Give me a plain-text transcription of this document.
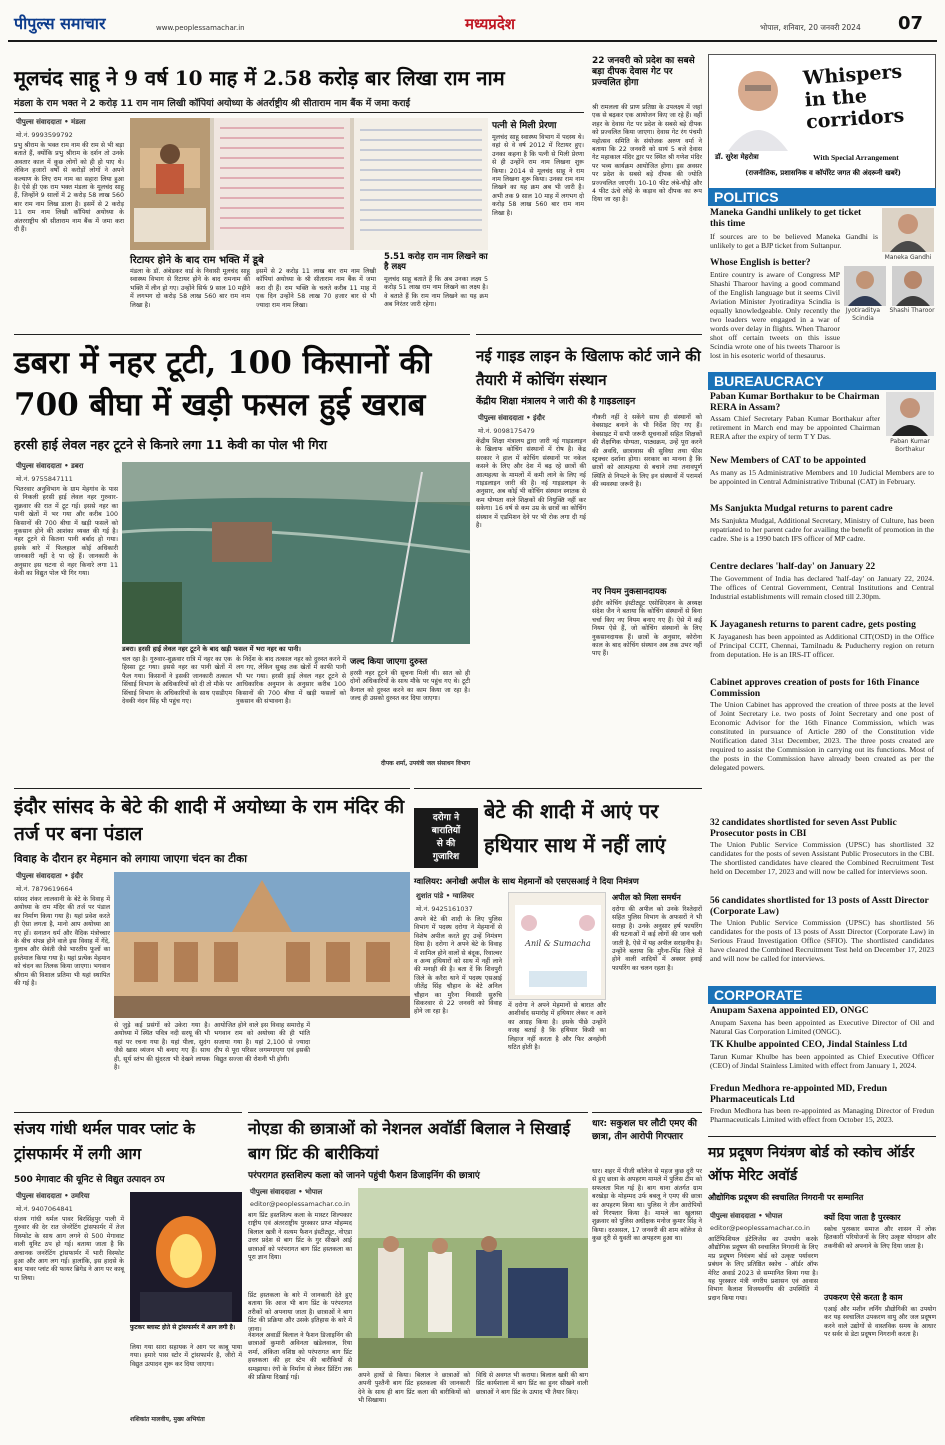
पीपुल्स समाचार	www.peoplessamachar.in	मध्यप्रदेश	भोपाल, शनिवार, 20 जनवरी 2024	07
मूलचंद साहू ने 9 वर्ष 10 माह में 2.58 करोड़ बार लिखा राम नाम
मंडला के राम भक्त ने 2 करोड़ 11 राम नाम लिखी कॉपियां अयोध्या के अंतर्राष्ट्रीय श्री सीताराम नाम बैंक में जमा कराईं
पीपुल्स संवाददाता • मंडला
मो.नं. 9993599792
प्रभु श्रीराम के भक्त राम नाम की राम से भी बड़ा बताते हैं, क्योंकि प्रभु श्रीराम के दर्शन तो उनके अवतार काल में कुछ लोगों को ही हो पाए थे। लेकिन हजारों वर्षों से करोड़ों लोगों ने अपने कल्याण के लिए राम नाम का सहारा लिया हुआ है। ऐसे ही एक राम भक्त मंडला के मूलचंद साहू हैं, जिन्होंने 9 सालों में 2 करोड़ 58 लाख 560 बार राम नाम लिख डाला है। इसमें से 2 करोड़ 11 राम नाम लिखी कॉपियां अयोध्या के अंतरराष्ट्रीय श्री सीताराम नाम बैंक में जमा करा दी हैं।
रिटायर होने के बाद राम भक्ति में डूबे
मंडला के डॉ. अंबेडकर वार्ड के निवासी मूलचंद साहू स्वास्थ्य विभाग से रिटायर होने के बाद रामनाम की भक्ति में लीन हो गए। उन्होंने सिर्फ 9 साल 10 महीने में लगभग दो करोड़ 58 लाख 560 बार राम नाम लिखा है।
इसमें से 2 करोड़ 11 लाख बार राम नाम लिखी कॉपियां अयोध्या के श्री सीताराम नाम बैंक में जमा करा दी हैं। राम भक्ति के चलते करीब 11 माह में एक दिन उन्होंने 58 लाख 70 हजार बार से भी ज्यादा राम नाम लिखा।
5.51 करोड़ राम नाम लिखने का है लक्ष्य
मूलचंद साहू बताते हैं कि अब उनका लक्ष्य 5 करोड़ 51 लाख राम नाम लिखने का लक्ष्य है। वे बताते हैं कि राम नाम लिखने का यह क्रम अब निरंतर जारी रहेगा।
पत्नी से मिली प्रेरणा
मूलचंद साहू स्वास्थ्य विभाग में पदस्थ थे। वहां से वे वर्ष 2012 में रिटायर हुए। उनका कहना है कि पत्नी से मिली प्रेरणा से ही उन्होंने राम नाम लिखना शुरू किया। 2014 से मूलचंद साहू ने राम नाम लिखना शुरू किया। उनका राम नाम लिखने का यह क्रम अब भी जारी है। अभी तक 9 साल 10 माह में लगभग दो करोड़ 58 लाख 560 बार राम नाम लिखा है।
22 जनवरी को प्रदेश का सबसे बड़ा दीपक देवास गेट पर प्रज्वलित होगा
श्री रामलला की प्राण प्रतिष्ठा के उपलक्ष्य में जहां एक से बढ़कर एक आयोजन किए जा रहे हैं। वहीं शहर के देवास गेट पर प्रदेश के सबसे बड़े दीपक को प्रज्वलित किया जाएगा। देवास गेट रंग पंचमी महोत्सव समिति के संयोजक अरुण वर्मा ने बताया कि 22 जनवरी को सायं 5 बजे देवास गेट महाकाल मंदिर द्वार पर स्थित श्री गणेश मंदिर पर भव्य कार्यक्रम आयोजित होगा। इस अवसर पर प्रदेश के सबसे बड़े दीपक की ज्योति प्रज्ज्वलित जाएगी। 10-10 फीट लंबे-चौड़े और 4 फीट ऊंचे लोहे के कड़ाव को दीपक का रूप दिया जा रहा है।
Whispers in the corridors
डॉ. सुरेश मेहरोत्रा	With Special Arrangement
(राजनीतिक, प्रशासनिक व कॉर्पोरेट जगत की अंदरूनी खबरें)
POLITICS
Maneka Gandhi unlikely to get ticket this time
If sources are to be believed Maneka Gandhi is unlikely to get a BJP ticket from Sultanpur.
Maneka Gandhi
Whose English is better?
Jyotiraditya Scindia
Shashi Tharoor
Entire country is aware of Congress MP Shashi Tharoor having a good command of the English language but it seems Civil Aviation Minister Jyotiraditya Scindia is equally knowledgeable. Only recently the two leaders were engaged in a war of words over delay in flights. When Tharoor shot off certain tweets on this issue Scindia wrote one of his tweets Tharoor is lost in his esoteric world of thesaurus.
BUREAUCRACY
Paban Kumar Borthakur to be Chairman RERA in Assam?
Assam Chief Secretary Paban Kumar Borthakur after retirement in March end may be appointed Chairman RERA after the expiry of term T Y Das.
Paban Kumar Borthakur
New Members of CAT to be appointed
As many as 15 Administrative Members and 10 Judicial Members are to be appointed in Central Administrative Tribunal (CAT) in February.
Ms Sanjukta Mudgal returns to parent cadre
Ms Sanjukta Mudgal, Additional Secretary, Ministry of Culture, has been repatriated to her parent cadre for availing the benefit of promotion in the cadre. She is a 1990 batch IFS officer of MP cadre.
Centre declares 'half-day' on January 22
The Government of India has declared 'half-day' on January 22, 2024. The offices of Central Government, Central Institutions and Central Industrial establishments will remain closed till 2.30pm.
K Jayaganesh returns to parent cadre, gets posting
K Jayaganesh has been appointed as Additional CIT(OSD) in the Office of Principal CCIT, Chennai, Tamilnadu & Puducherry region on return from deputation. He is an IRS-IT officer.
Cabinet approves creation of posts for 16th Finance Commission
The Union Cabinet has approved the creation of three posts at the level of Joint Secretary i.e. two posts of Joint Secretary and one post of Economic Advisor for the 16th Finance Commission, which was constituted in pursuance of Article 280 of the Constitution vide Notification dated 31st December, 2023. The three posts created are required to assist the Commission in carrying out its functions. Most of the posts in the Commission have already been created as per the delegated powers.
32 candidates shortlisted for seven Asst Public Prosecutor posts in CBI
The Union Public Service Commission (UPSC) has shortlisted 32 candidates for the posts of seven Assistant Public Prosecutors in the CBI. The shortlisted candidates have cleared the Combined Recruitment Test held on December 17, 2023 and will now be called for interviews soon.
56 candidates shortlisted for 13 posts of Asstt Director (Corporate Law)
The Union Public Service Commission (UPSC) has shortlisted 56 candidates for the posts of 13 posts of Asstt Director (Corporate Law) in Serious Fraud Investigation Office (SFIO). The shortlisted candidates have cleared the Combined Recruitment Test held on December 17, 2023 and will now be called for interviews.
CORPORATE
Anupam Saxena appointed ED, ONGC
Anupam Saxena has been appointed as Executive Director of Oil and Natural Gas Corporation Limited (ONGC).
TK Khulbe appointed CEO, Jindal Stainless Ltd
Tarun Kumar Khulbe has been appointed as Chief Executive Officer (CEO) of Jindal Stainless Limited with effect from January 1, 2024.
Fredun Medhora re-appointed MD, Fredun Pharmaceuticals Ltd
Fredun Medhora has been re-appointed as Managing Director of Fredun Pharmaceuticals Limited with effect from October 15, 2023.
डबरा में नहर टूटी, 100 किसानों की 700 बीघा में खड़ी फसल हुई खराब
हरसी हाई लेवल नहर टूटने से किनारे लगा 11 केवी का पोल भी गिरा
पीपुल्स संवाददाता • डबरा
मो.नं. 9755847111
भितरवार अनुविभाग के ग्राम मेहगांव के पास से निकली हरसी हाई लेवल नहर गुरुवार-शुक्रवार की रात में टूट गई। इससे नहर का पानी खेतों में भर गया और करीब 100 किसानों की 700 बीघा में खड़ी फसलें को नुकसान होने की आशंका व्यक्त की गई है। नहर टूटने से कितना पानी बर्बाद हो गया। इसके बारे में फिलहाल कोई अधिकारी जानकारी नहीं दे पा रहे हैं। जानकारी के अनुसार इस घटना से नहर किनारे लगा 11 केवी का विद्युत पोल भी गिर गया।
डबरा। हरसी हाई लेवल नहर टूटने के बाद खड़ी फसल में भरा नहर का पानी।
चल रहा है। गुरुवार-शुक्रवार रात्रि में नहर का एक हिस्सा टूट गया। इससे नहर का पानी खेतों में फैल गया। किसानों ने इसकी जानकारी तत्काल सिंचाई विभाग के अधिकारियों को दी तो मौके पर सिंचाई विभाग के अधिकारियों के साथ एसडीएम देवकी नंदन सिंह भी पहुंच गए।
के निर्देश के बाद तत्काल नहर को दुरुस्त करने में लग गए, लेकिन सुबह तक खेतों में काफी पानी भी भर गया। हरसी हाई लेवल नहर टूटने से आधिकारिक अनुमान के अनुसार करीब 100 किसानों की 700 बीघा में खड़ी फसलों को नुकसान की संभावना है।
जल्द किया जाएगा दुरुस्त
हरसी नहर टूटने की सूचना मिली थी। सात को ही दोनों अधिकारियों के साथ मौके पर पहुंच गए थे। टूटी कैनाल को दुरुस्त करने का काम किया जा रहा है। जल्द ही उसको दुरुस्त कर दिया जाएगा।
दीपक शर्मा, उपयंत्री जल संसाधन विभाग
नई गाइड लाइन के खिलाफ कोर्ट जाने की तैयारी में कोचिंग संस्थान
केंद्रीय शिक्षा मंत्रालय ने जारी की है गाइडलाइन
पीपुल्स संवाददाता • इंदौर
मो.नं. 9098175479
केंद्रीय शिक्षा मंत्रालय द्वारा जारी नई गाइडलाइन के खिलाफ कोचिंग संस्थानों में रोष है। केंद्र सरकार ने हाल में कोचिंग संस्थानों पर नकेल कसने के लिए और देश में बढ़ रहे छात्रों की आत्महत्या के मामलों में कमी लाने के लिए नई गाइडलाइन जारी की है। नई गाइडलाइन के अनुसार, अब कोई भी कोचिंग संस्थान स्नातक से कम योग्यता वाले शिक्षकों की नियुक्ति नहीं कर सकेगा। 16 वर्ष से कम उम्र के छात्रों का कोचिंग संस्थान में एडमिशन देने पर भी रोक लगा दी गई है।
नौकरी नहीं दे सकेंगे साथ ही संस्थानों को वेबसाइट बनाने के भी निर्देश दिए गए हैं। वेबसाइट में सभी जरूरी सूचनाओं सहित शिक्षकों की शैक्षणिक योग्यता, पाठ्यक्रम, उन्हें पूरा करने की अवधि, छात्रावास की सुविधा तथा फीस स्ट्रक्चर दर्शाना होगा। सरकार का मानना है कि छात्रों को आत्महत्या से बचाने तथा तनावपूर्ण स्थिति से निपटने के लिए इन संस्थानों में परामर्श की व्यवस्था जरूरी है।
नए नियम नुकसानदायक
इंदौर कोचिंग इंस्टीट्यूट एसोसिएशन के अध्यक्ष संदेश जैन ने बताया कि कोचिंग संस्थानों से बिना चर्चा किए नए नियम बनाए गए हैं। ऐसे में कई नियम ऐसे हैं, जो कोचिंग संस्थानों के लिए नुकसानदायक हैं। छात्रों के अनुसार, कोरोना काल के बाद कोचिंग संस्थान अब तक उभर नहीं पाए हैं।
इंदौर सांसद के बेटे की शादी में अयोध्या के राम मंदिर की तर्ज पर बना पंडाल
विवाह के दौरान हर मेहमान को लगाया जाएगा चंदन का टीका
पीपुल्स संवाददाता • इंदौर
मो.नं. 7879619664
सांसद शंकर लालवानी के बेटे के विवाह में अयोध्या के राम मंदिर की तर्ज पर पंडाल का निर्माण किया गया है। यहां प्रवेश करते ही ऐसा लगता है, मानो आप अयोध्या आ गए हों। सनातन धर्म और वैदिक मंत्रोच्चार के बीच संपन्न होने वाले इस विवाह में गेंदे, गुलाब और सेवंती जैसे भारतीय फूलों का इस्तेमाल किया गया है। यहां प्रत्येक मेहमान को चंदन का तिलक किया जाएगा। भगवान श्रीराम की विशाल प्रतिमा भी यहां स्थापित की गई है।
से जुड़े कई प्रसंगों को उकेरा गया है। अयोध्या में स्थित पवित्र नदी सरयू की भी यहां पर रचना गया है। यहां पीला, सुदंग जैसे खास व्यंजन भी बनाए गए हैं। साथ ही, सूर्य स्तंभ की सुंदरता भी देखने लायक है।
आयोजित होने वाले इस विवाह समारोह में भगवान राम को अयोध्या की ही भांति सजाया गया है। यहां 2,100 से ज्यादा दीप से पूरा परिसर जगमगाएगा एवं इसकी विद्युत सज्जा की रोशनी भी होगी।
दरोगा ने
बारातियों
से की
गुजारिश
बेटे की शादी में आएं पर हथियार साथ में नहीं लाएं
ग्वालियर: अनोखी अपील के साथ मेहमानों को एसएसआई ने दिया निमंत्रण
शुशांत पांडे • ग्वालियर
मो.नं. 9425161037
Anil & Sumacha
अपने बेटे की शादी के लिए पुलिस विभाग में पदस्थ दरोगा ने मेहमानों से विशेष अपील करते हुए उन्हें निमंत्रण दिया है। दरोगा ने अपने बेटे के विवाह में शामिल होने वालों से बंदूक, रिवाल्वर व अन्य हथियारों को साथ में नहीं लाने की मनाही की है। बता दें कि शिवपुरी जिले के करैरा थाने में पदस्थ एसआई जीतेंद्र सिंह चौहान के बेटे अनिल चौहान का मुरैना निवासी सुरुचि सिकरवार से 22 जनवरी को विवाह होने जा रहा है।
में दरोगा ने अपने मेहमानों से बारात और आशीर्वाद समारोह में हथियार लेकर न आने का आग्रह किया है। इसके पीछे उन्होंने वजह बताई है कि हथियार किसी का लिहाज नहीं करता है और फिर अनहोनी घटित होती है।
अपील को मिला समर्थन
दरोगा की अपील को उनके रिश्तेदारों सहित पुलिस विभाग के अफसरों ने भी सराहा है। उनके अनुसार हर्ष फायरिंग की घटनाओं में कई लोगों की जान चली जाती है, ऐसे में यह अपील सराहनीय है। उन्होंने बताया कि मुरैना-भिंड जिले में होने वाली शादियों में अक्सर हवाई फायरिंग का चलन रहता है।
संजय गांधी थर्मल पावर प्लांट के ट्रांसफार्मर में लगी आग
500 मेगावाट की यूनिट से विद्युत उत्पादन ठप
पीपुल्स संवाददाता • उमरिया
मो.नं. 9407064841
संजय गांधी थर्मल पावर बिरसिंहपुर पाली में गुरुवार की देर रात जेनरेटिंग ट्रांसफार्मर में तेज विस्फोट के साथ आग लगने से 500 मेगावाट वाली यूनिट ठप हो गई। बताया जाता है कि अचानक जनरेटिंग ट्रांसफार्मर में भारी विस्फोट हुआ और आग लग गई। हालांकि, इस हादसे के बाद पावर प्लांट की फायर ब्रिगेड ने आग पर काबू पा लिया।
फुटकर ब्लास्ट होते से ट्रांसफार्मर में आग लगी है।
लिया गया सारा सहायक ने आग पर काबू पाया गया। हमारे पास स्टोर में ट्रांसफार्मर है, जीरो में विद्युत उत्पादन शुरू कर दिया जाएगा।
शशिकांत मालवीय, मुख्य अभियंता
नोएडा की छात्राओं को नेशनल अवॉर्डी बिलाल ने सिखाई बाग प्रिंट की बारीकियां
परंपरागत हस्तशिल्प कला को जानने पहुंची फैशन डिजाइनिंग की छात्राएं
पीपुल्स संवाददाता • भोपाल
editor@peoplessamachar.co.in
बाग प्रिंट हस्तशिल्प कला के मास्टर शिल्पकार राष्ट्रीय एवं अंतरराष्ट्रीय पुरस्कार प्राप्त मोहम्मद बिलाल खत्री ने सत्यम फैशन इंस्टीट्यूट, नोएडा उत्तर प्रदेश से बाग प्रिंट के गुर सीखने आई छात्राओं को परंपरागत बाग प्रिंट हस्तकला का पूरा ज्ञान दिया।
प्रिंट हस्तकला के बारे में जानकारी देते हुए बताया कि आज भी बाग प्रिंट के परंपरागत तरीकों को अपनाया जाता है। छात्राओं ने बाग प्रिंट की प्रक्रिया और उसके इतिहास के बारे में जाना।
नेशनल अवार्डी बिलाल ने फैशन डिजाइनिंग की छात्राओं कुमारी अविनता खंडेलवाल, रिया शर्मा, अंकिता वशिष्ठ को परंपरागत बाग प्रिंट हस्तकला की हर स्टेप की बारीकियों से समझाया। रंगों के निर्माण से लेकर प्रिंटिंग तक की प्रक्रिया दिखाई गई।	अपने हाथों से किया। बिलाल ने छात्राओं को अपनी पुश्तैनी बाग प्रिंट हस्तकला की जानकारी देने के साथ ही बाग प्रिंट कला की बारीकियों को भी सिखाया।
विधि से अवगत भी कराया। बिलाल खत्री की बाग प्रिंट कार्यशाला में बाग प्रिंट का हुनर सीखने वाली छात्राओं ने बाग प्रिंट के उत्पाद भी तैयार किए।
धार: सकुशल घर लौटी एमए की छात्रा, तीन आरोपी गिरफ्तार
धार। शहर में पीजी कॉलेज से महज कुछ दूरी पर से हुए छात्रा के अपहरण मामले में पुलिस टीम को सफलता मिल गई है। बाग थाना अंतर्गत ग्राम बरखेड़ा के मोहम्मद उर्फ बबलू ने एमए की छात्रा का अपहरण किया था। पुलिस ने तीन आरोपियों को गिरफ्तार किया है। मामले का खुलासा शुक्रवार को पुलिस अधीक्षक मनोज कुमार सिंह ने किया। दरअसल, 17 जनवरी की शाम कॉलेज से कुछ दूरी से युवती का अपहरण हुआ था।
मप्र प्रदूषण नियंत्रण बोर्ड को स्कोच ऑर्डर ऑफ मेरिट अवॉर्ड
औद्योगिक प्रदूषण की स्वचालित निगरानी पर सम्मानित
पीपुल्स संवाददाता • भोपाल
editor@peoplessamachar.co.in
आर्टिफिशियल इंटेलिजेंस का उपयोग करके औद्योगिक प्रदूषण की स्वचालित निगरानी के लिए मप्र प्रदूषण नियंत्रण बोर्ड को उत्कृष्ट पर्यावरण प्रबंधन के लिए प्रतिष्ठित स्कोच - ऑर्डर ऑफ मेरिट अवार्ड 2023 से सम्मानित किया गया है। यह पुरस्कार मंत्री नगरीय प्रशासन एवं आवास विभाग कैलाश विजयवर्गीय की उपस्थिति में प्रदान किया गया।
क्यों दिया जाता है पुरस्कार
स्कोच पुरस्कार समाज और शासन में लोक हितकारी परियोजनों के लिए उत्कृष्ट योगदान और तकनीकी को अपनाने के लिए दिया जाता है।
उपकरण ऐसे करता है काम
एआई और मशीन लर्निंग प्रौद्योगिकी का उपयोग कर यह स्वचालित उपकरण वायु और जल प्रदूषण करने वाले उद्योगों से वास्तविक समय के आधार पर सर्वर से डेटा प्रदूषण निगरानी करता है।
